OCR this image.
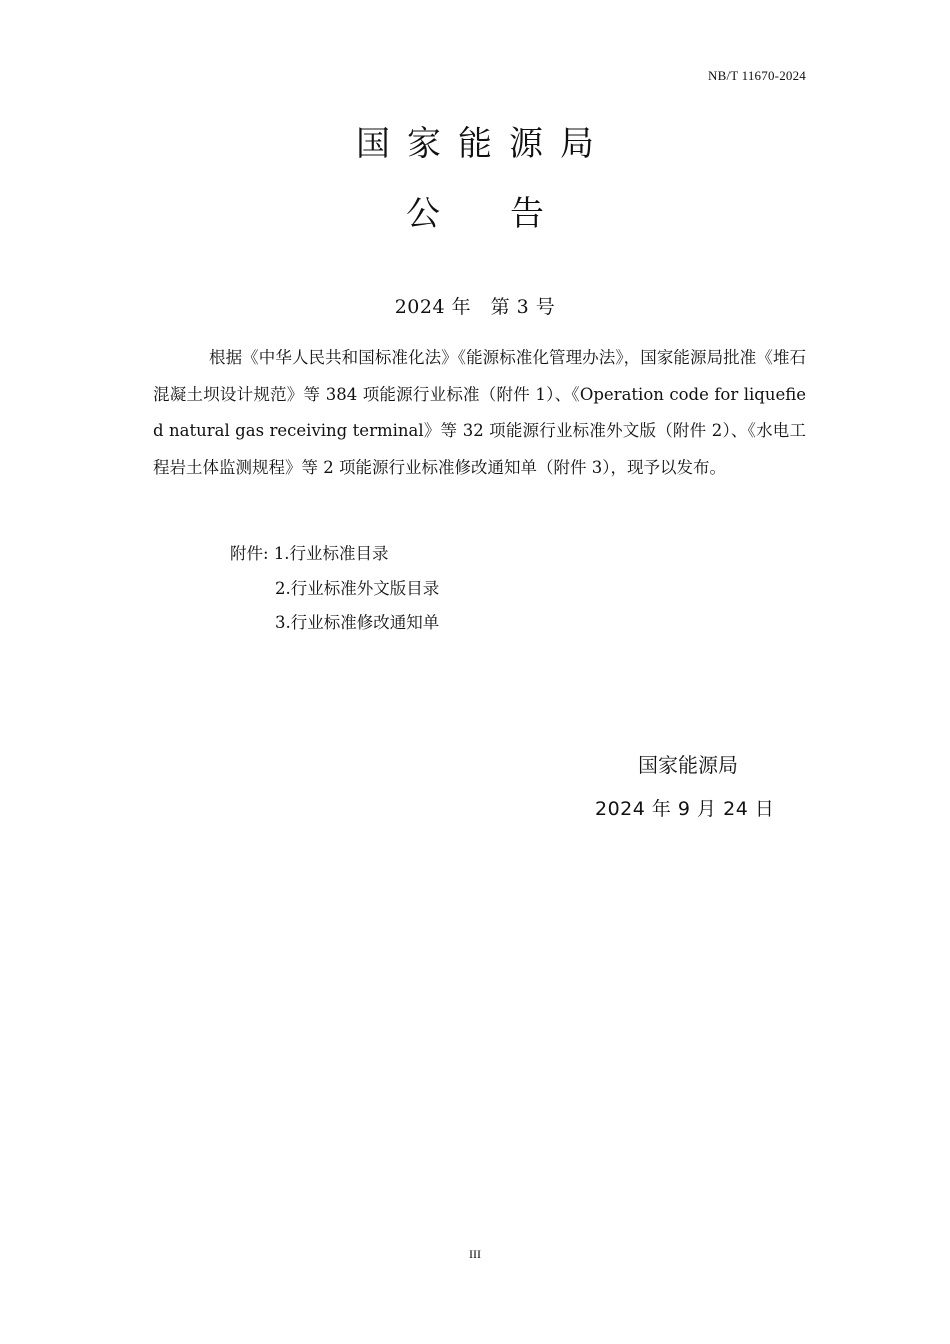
NB/T 11670-2024
国家能源局
公 告
2024 年　第 3 号
根据《中华人民共和国标准化法》《能源标准化管理办法》，国家能源局批准《堆石混凝土坝设计规范》等 384 项能源行业标准（附件 1）、《Operation code for liquefied natural gas receiving terminal》等 32 项能源行业标准外文版（附件 2）、《水电工程岩土体监测规程》等 2 项能源行业标准修改通知单（附件 3），现予以发布。
附件: 1.行业标准目录
2.行业标准外文版目录
3.行业标准修改通知单
国家能源局
2024 年 9 月 24 日
III
